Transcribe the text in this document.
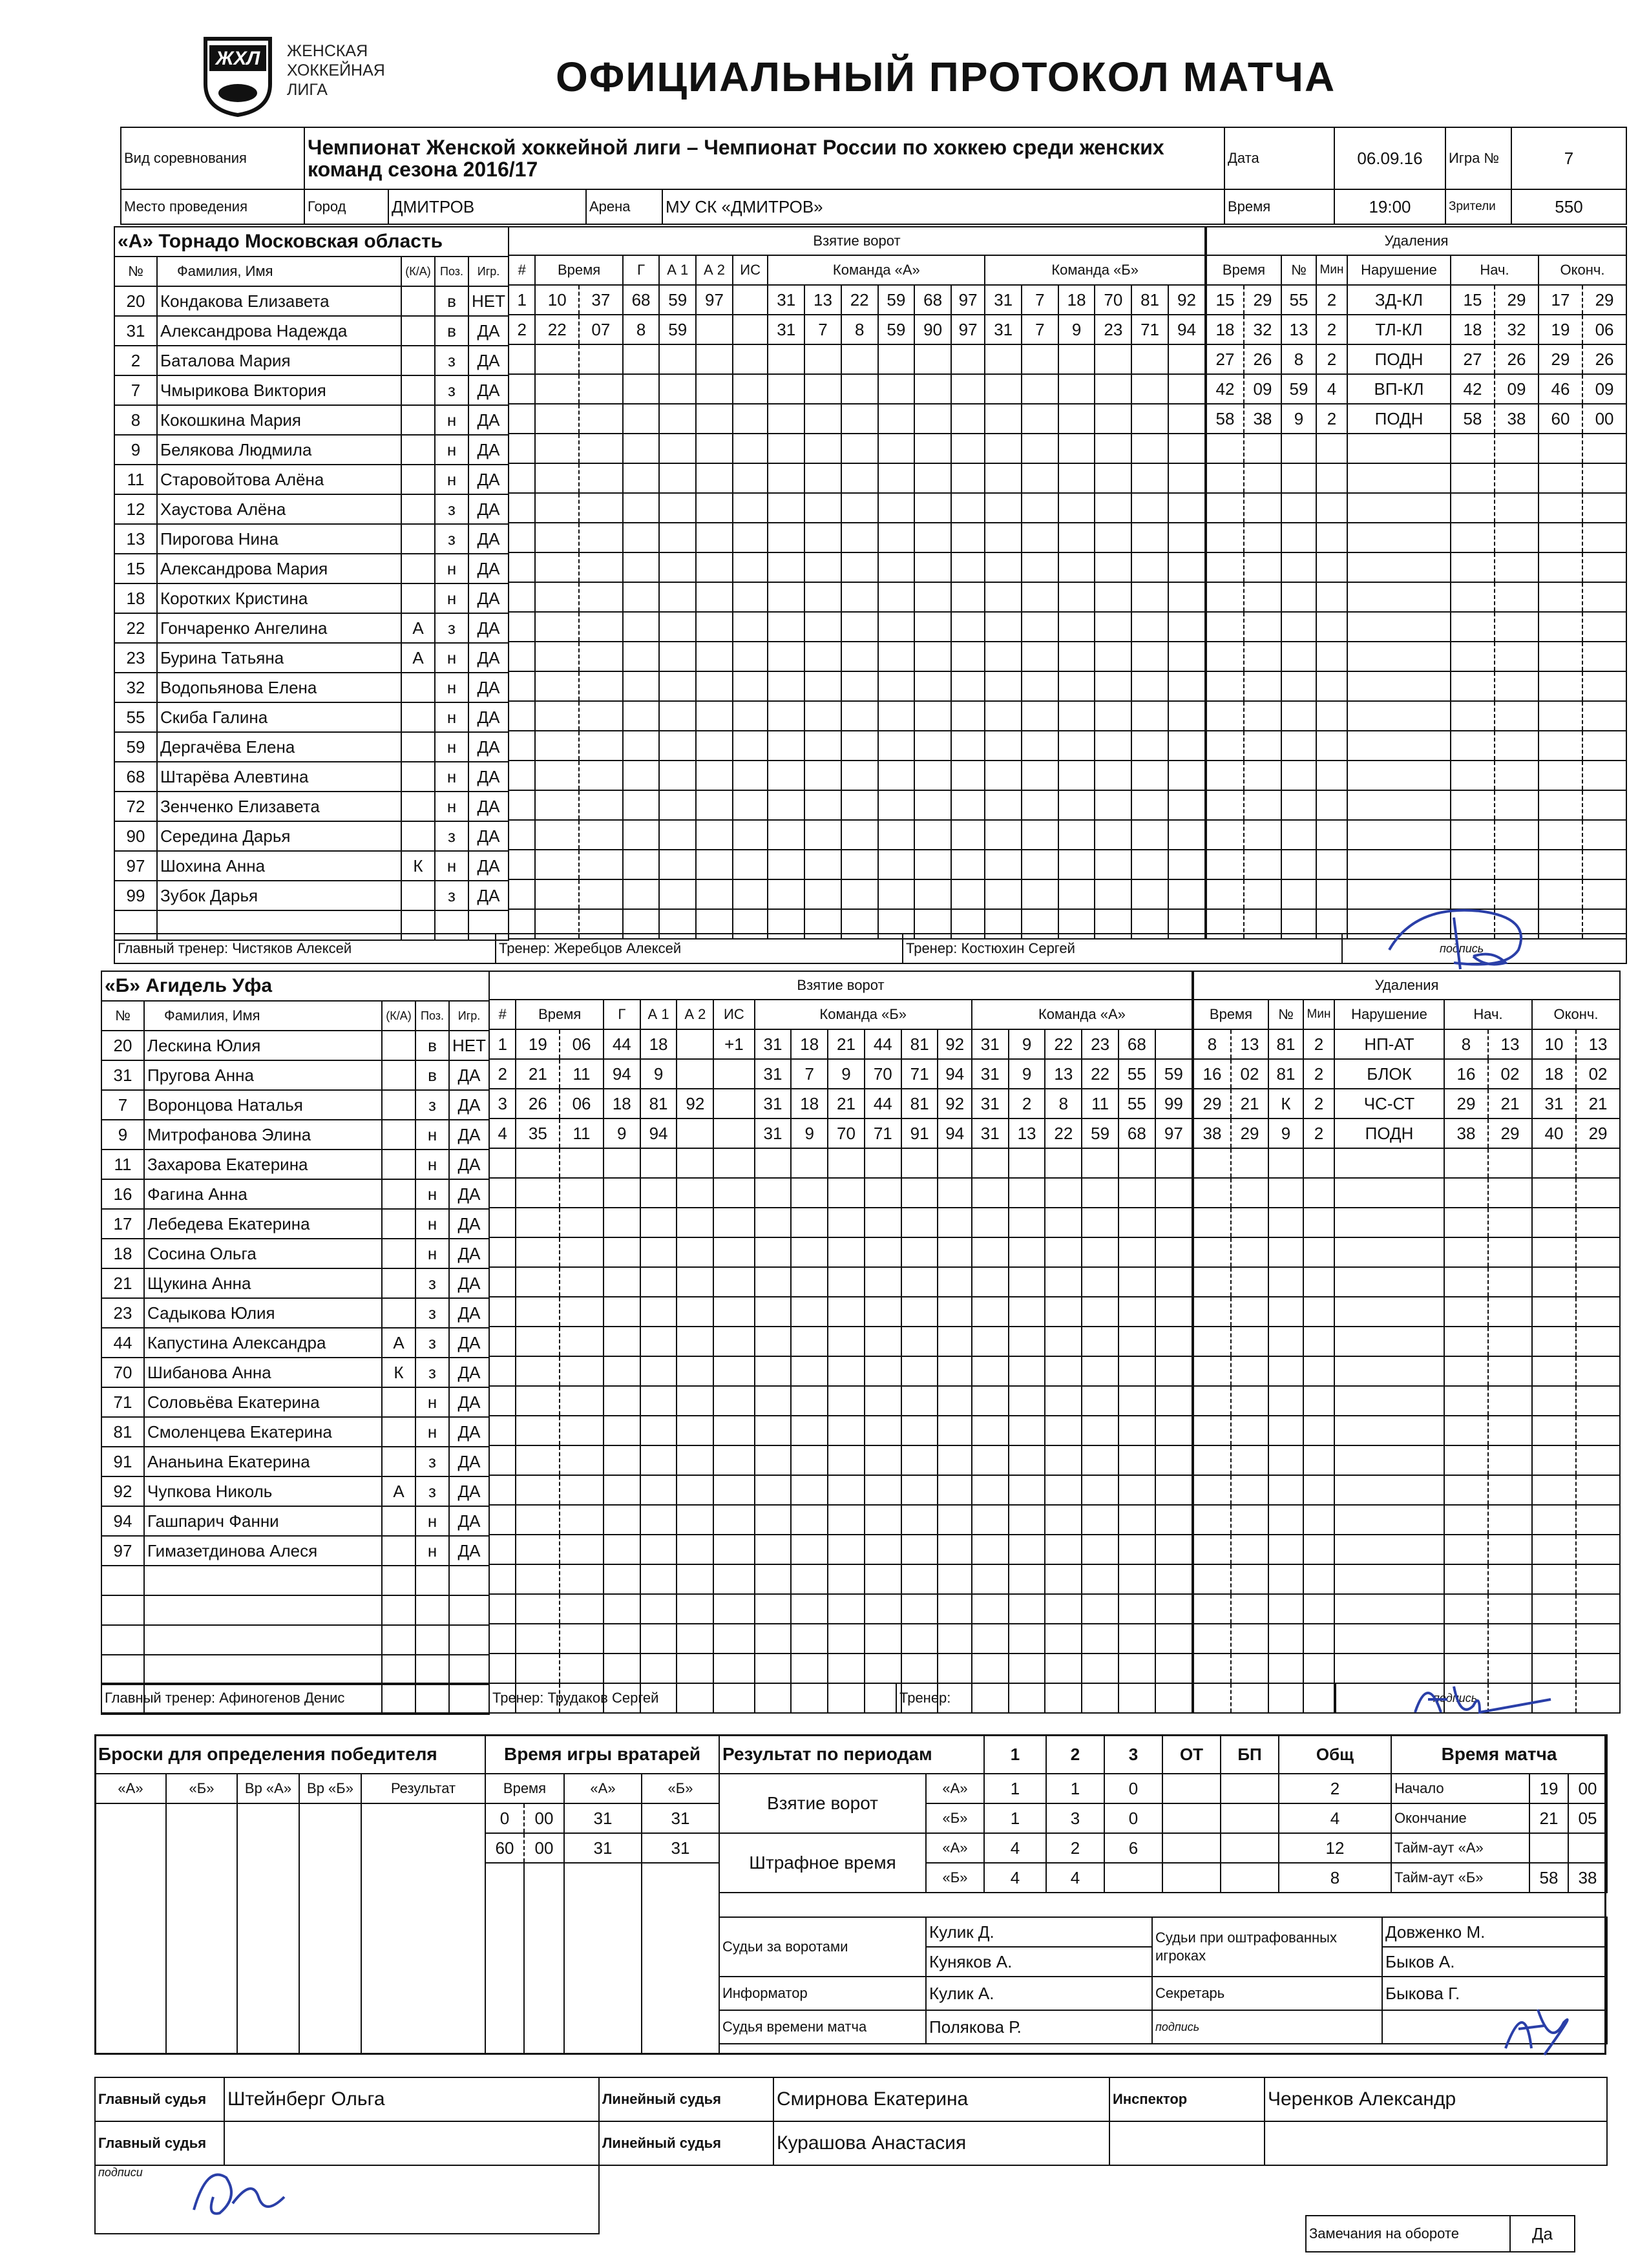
ЖХЛ	ЖЕНСКАЯ
ХОККЕЙНАЯ
ЛИГА	ОФИЦИАЛЬНЫЙ ПРОТОКОЛ МАТЧА
Вид соревнования	Чемпионат Женской хоккейной лиги – Чемпионат России по хоккею среди женских команд сезона 2016/17				Дата	06.09.16	Игра №	7
Место проведения	Город	ДМИТРОВ	Арена	МУ СК «ДМИТРОВ»	Время	19:00	Зрители	550
«А» Торнадо Московская область				
№	Фамилия, Имя	(К/А)	Поз.	Игр.
20	Кондакова Елизавета		в	НЕТ
31	Александрова Надежда		в	ДА
2	Баталова Мария		з	ДА
7	Чмырикова Виктория		з	ДА
8	Кокошкина Мария		н	ДА
9	Белякова Людмила		н	ДА
11	Старовойтова Алёна		н	ДА
12	Хаустова Алёна		з	ДА
13	Пирогова Нина		з	ДА
15	Александрова Мария		н	ДА
18	Коротких Кристина		н	ДА
22	Гончаренко Ангелина	А	з	ДА
23	Бурина Татьяна	А	н	ДА
32	Водопьянова Елена		н	ДА
55	Скиба Галина		н	ДА
59	Дергачёва Елена		н	ДА
68	Штарёва Алевтина		н	ДА
72	Зенченко Елизавета		н	ДА
90	Середина Дарья		з	ДА
97	Шохина Анна	К	н	ДА
99	Зубок Дарья		з	ДА

Взятие ворот																		
#	Время		Г	А 1	А 2	ИС	Команда «А»						Команда «Б»					
1	10	37	68	59	97		31	13	22	59	68	97	31	7	18	70	81	92
2	22	07	8	59			31	7	8	59	90	97	31	7	9	23	71	94

Удаления								
Время		№	Мин	Нарушение	Нач.		Оконч.	
15	29	55	2	ЗД-КЛ	15	29	17	29
18	32	13	2	ТЛ-КЛ	18	32	19	06
27	26	8	2	ПОДН	27	26	29	26
42	09	59	4	ВП-КЛ	42	09	46	09
58	38	9	2	ПОДН	58	38	60	00

Главный тренер: Чистяков Алексей	Тренер: Жеребцов Алексей	Тренер: Костюхин Сергей	подпись
«Б» Агидель Уфа				
№	Фамилия, Имя	(К/А)	Поз.	Игр.
20	Лескина Юлия		в	НЕТ
31	Пругова Анна		в	ДА
7	Воронцова Наталья		з	ДА
9	Митрофанова Элина		н	ДА
11	Захарова Екатерина		н	ДА
16	Фагина Анна		н	ДА
17	Лебедева Екатерина		н	ДА
18	Сосина Ольга		н	ДА
21	Щукина Анна		з	ДА
23	Садыкова Юлия		з	ДА
44	Капустина Александра	А	з	ДА
70	Шибанова Анна	К	з	ДА
71	Соловьёва Екатерина		н	ДА
81	Смоленцева Екатерина		н	ДА
91	Ананьина Екатерина		з	ДА
92	Чупкова Николь	А	з	ДА
94	Гашпарич Фанни		н	ДА
97	Гимазетдинова Алеся		н	ДА

Взятие ворот																		
#	Время		Г	А 1	А 2	ИС	Команда «Б»						Команда «А»					
1	19	06	44	18		+1	31	18	21	44	81	92	31	9	22	23	68	
2	21	11	94	9			31	7	9	70	71	94	31	9	13	22	55	59
3	26	06	18	81	92		31	18	21	44	81	92	31	2	8	11	55	99
4	35	11	9	94			31	9	70	71	91	94	31	13	22	59	68	97

Удаления								
Время		№	Мин	Нарушение	Нач.		Оконч.	
8	13	81	2	НП-АТ	8	13	10	13
16	02	81	2	БЛОК	16	02	18	02
29	21	К	2	ЧС-СТ	29	21	31	21
38	29	9	2	ПОДН	38	29	40	29

Главный тренер: Афиногенов Денис	Тренер: Трудаков Сергей	Тренер:	подпись
Броски для определения победителя				
«А»	«Б»	Вр «А»	Вр «Б»	Результат

Время игры вратарей			
Время		«А»	«Б»
0	00	31	31
60	00	31	31

Результат по периодам		1	2	3	ОТ	БП	Общ
Взятие ворот	«А»	1	1	0			2
	«Б»	1	3	0			4
Штрафное время	«А»	4	2	6			12
	«Б»	4	4				8
Время матча		
Начало	19	00
Окончание	21	05
Тайм-аут «А»		
Тайм-аут «Б»	58	38
Судьи за воротами	Кулик Д.	Судьи при оштрафованных игроках	Довженко М.
	Куняков А.		Быков А.
Информатор	Кулик А.	Секретарь	Быкова Г.
Судья времени матча	Полякова Р.	подпись	
Главный судья	Штейнберг Ольга	Линейный судья	Смирнова Екатерина	Инспектор	Черенков Александр
Главный судья		Линейный судья	Курашова Анастасия		
подписи					
Замечания на обороте	Да
